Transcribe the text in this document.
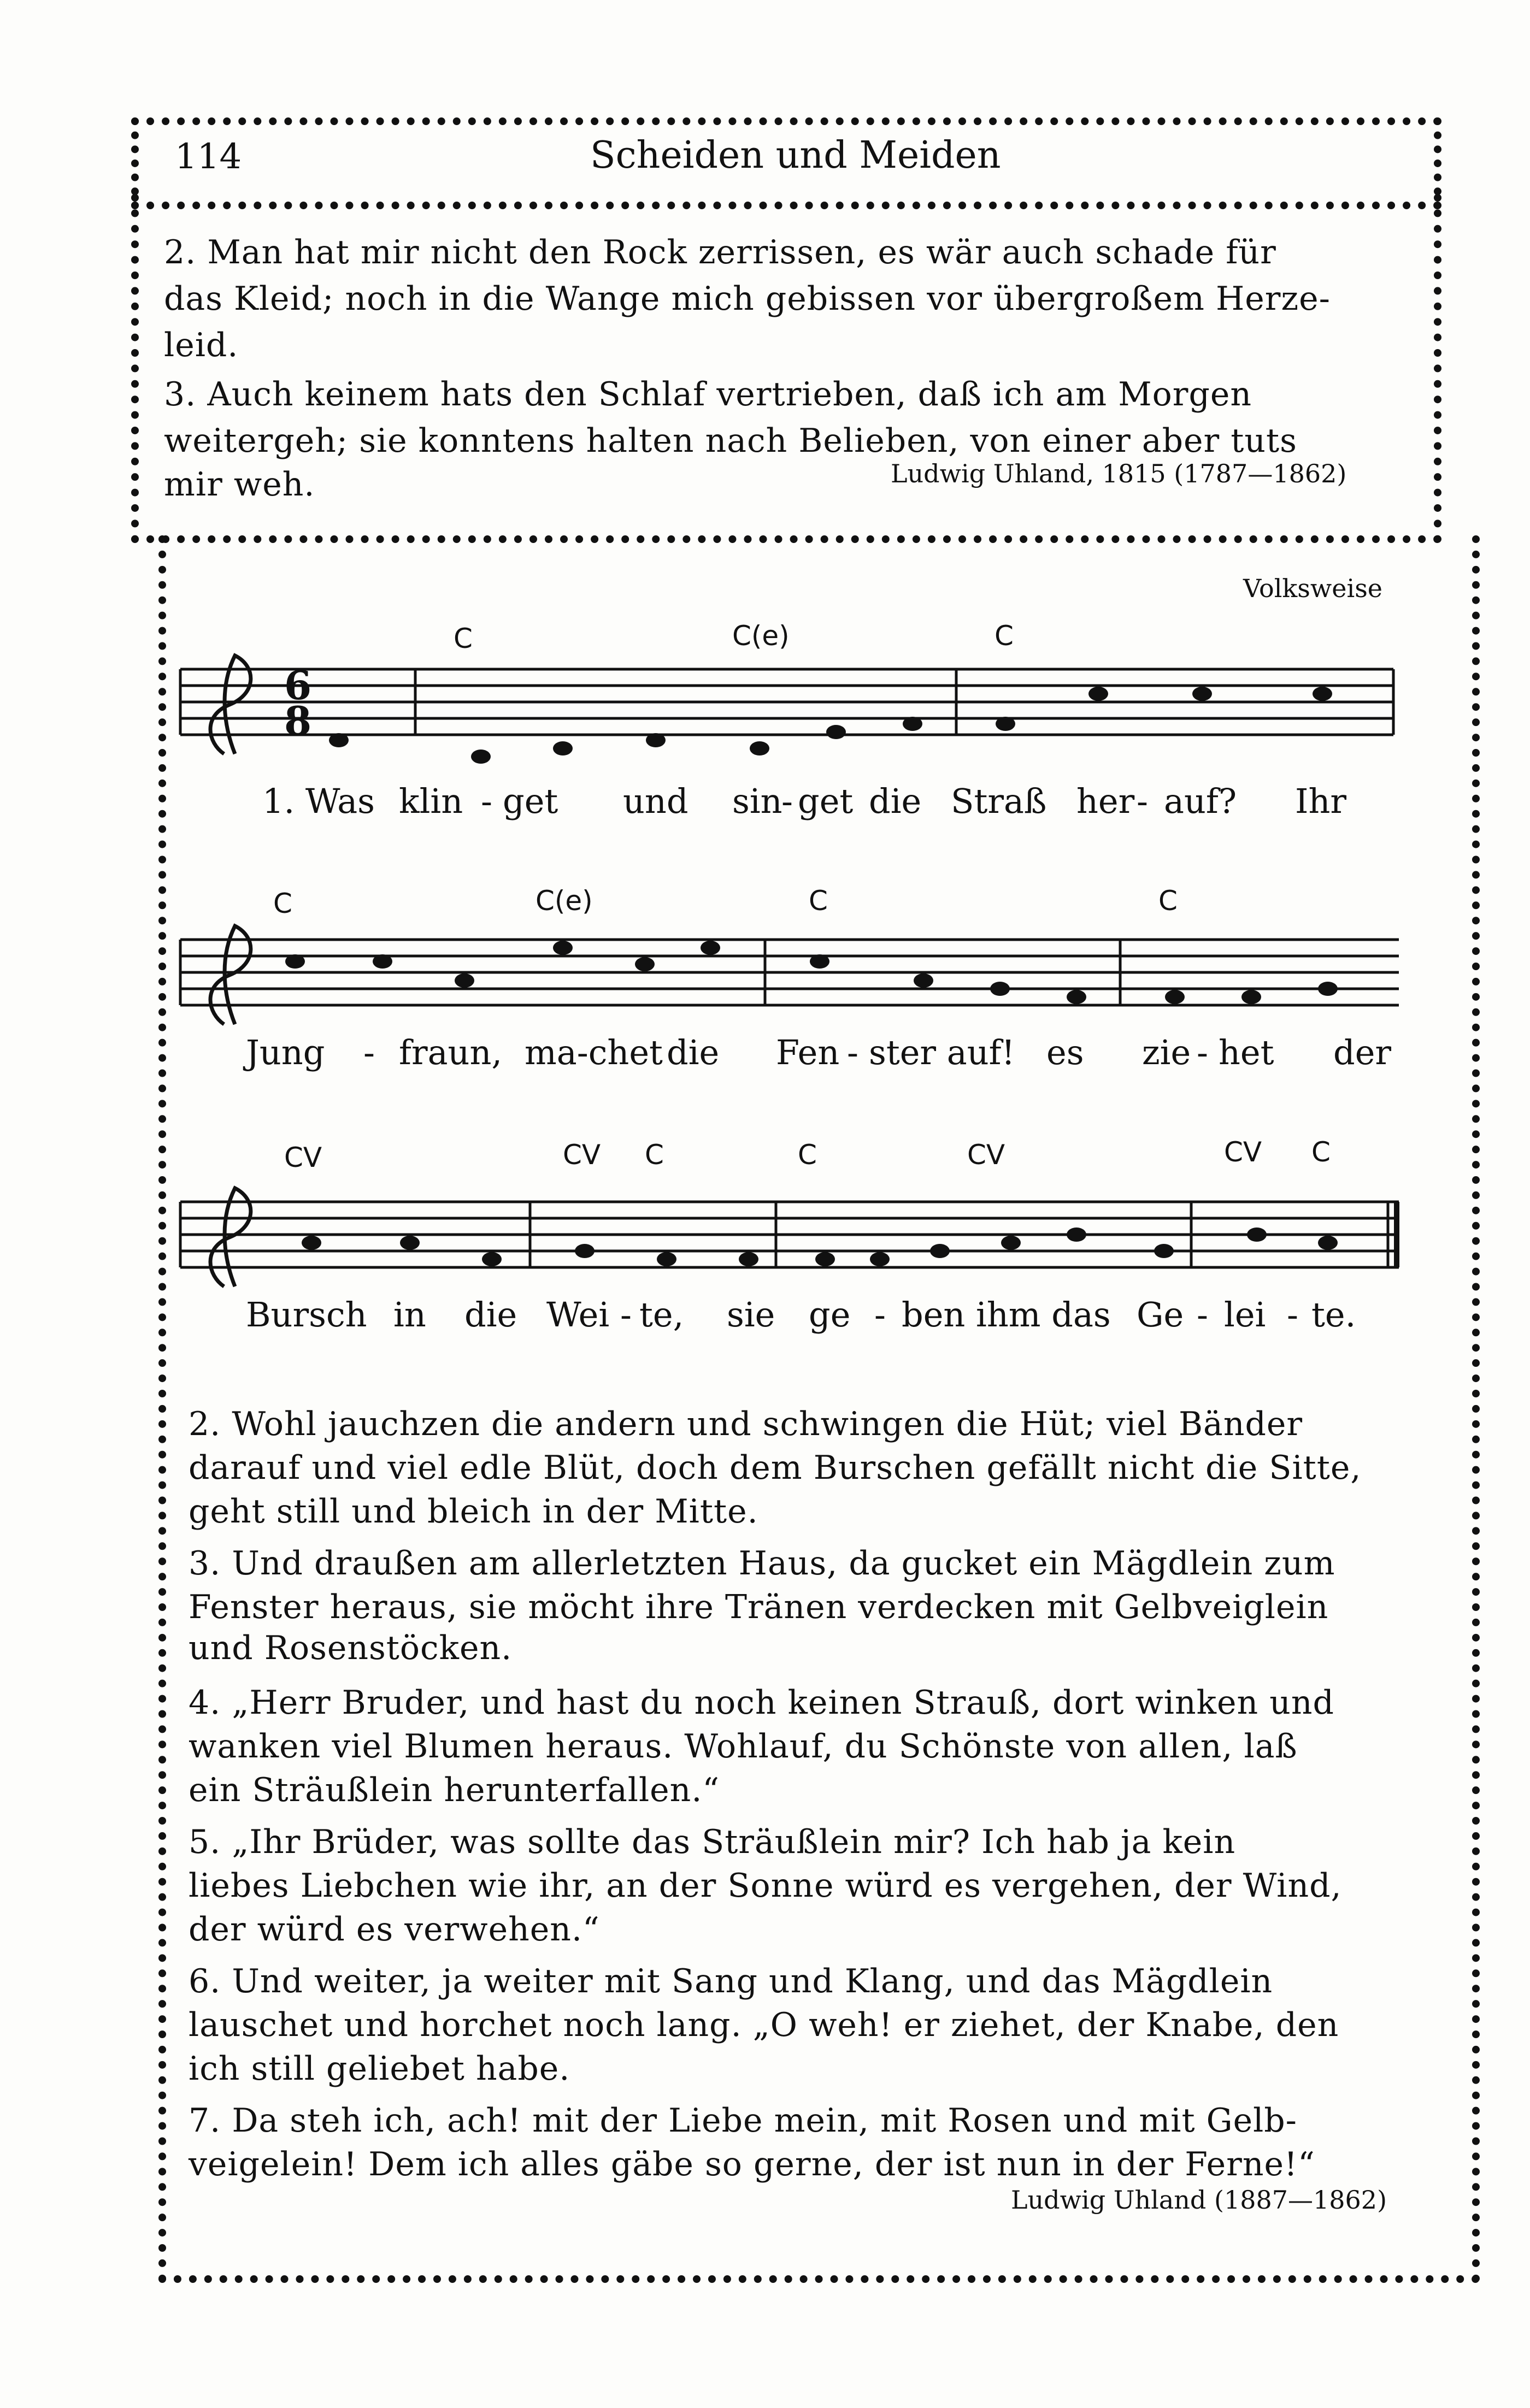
114	Scheiden und Meiden
2. Man hat mir nicht den Rock zerrissen, es wär auch schade für
das Kleid; noch in die Wange mich gebissen vor übergroßem Herze-
leid.
3. Auch keinem hats den Schlaf vertrieben, daß ich am Morgen
weitergeh; sie konntens halten nach Belieben, von einer aber tuts
mir weh.	Ludwig Uhland, 1815 (1787—1862)
Volksweise
6
8
C	C(e)	C
C	C(e)	C	C
CV	CV C	C	CV	CV C
1. Was klin - get und sin
- get die Straß her - auf? Ihr
Jung - fraun, ma-chet die Fen - ster auf! es zie - het der
Bursch in die Wei - te, sie ge - ben ihm das Ge - lei - te.
2. Wohl jauchzen die andern und schwingen die Hüt; viel Bänder
darauf und viel edle Blüt, doch dem Burschen gefällt nicht die Sitte,
geht still und bleich in der Mitte.
3. Und draußen am allerletzten Haus, da gucket ein Mägdlein zum
Fenster heraus, sie möcht ihre Tränen verdecken mit Gelbveiglein
und Rosenstöcken.
4. „Herr Bruder, und hast du noch keinen Strauß, dort winken und
wanken viel Blumen heraus. Wohlauf, du Schönste von allen, laß
ein Sträußlein herunterfallen.“
5. „Ihr Brüder, was sollte das Sträußlein mir? Ich hab ja kein
liebes Liebchen wie ihr, an der Sonne würd es vergehen, der Wind,
der würd es verwehen.“
6. Und weiter, ja weiter mit Sang und Klang, und das Mägdlein
lauschet und horchet noch lang. „O weh! er ziehet, der Knabe, den
ich still geliebet habe.
7. Da steh ich, ach! mit der Liebe mein, mit Rosen und mit Gelb-
veigelein! Dem ich alles gäbe so gerne, der ist nun in der Ferne!“
Ludwig Uhland (1887—1862)
